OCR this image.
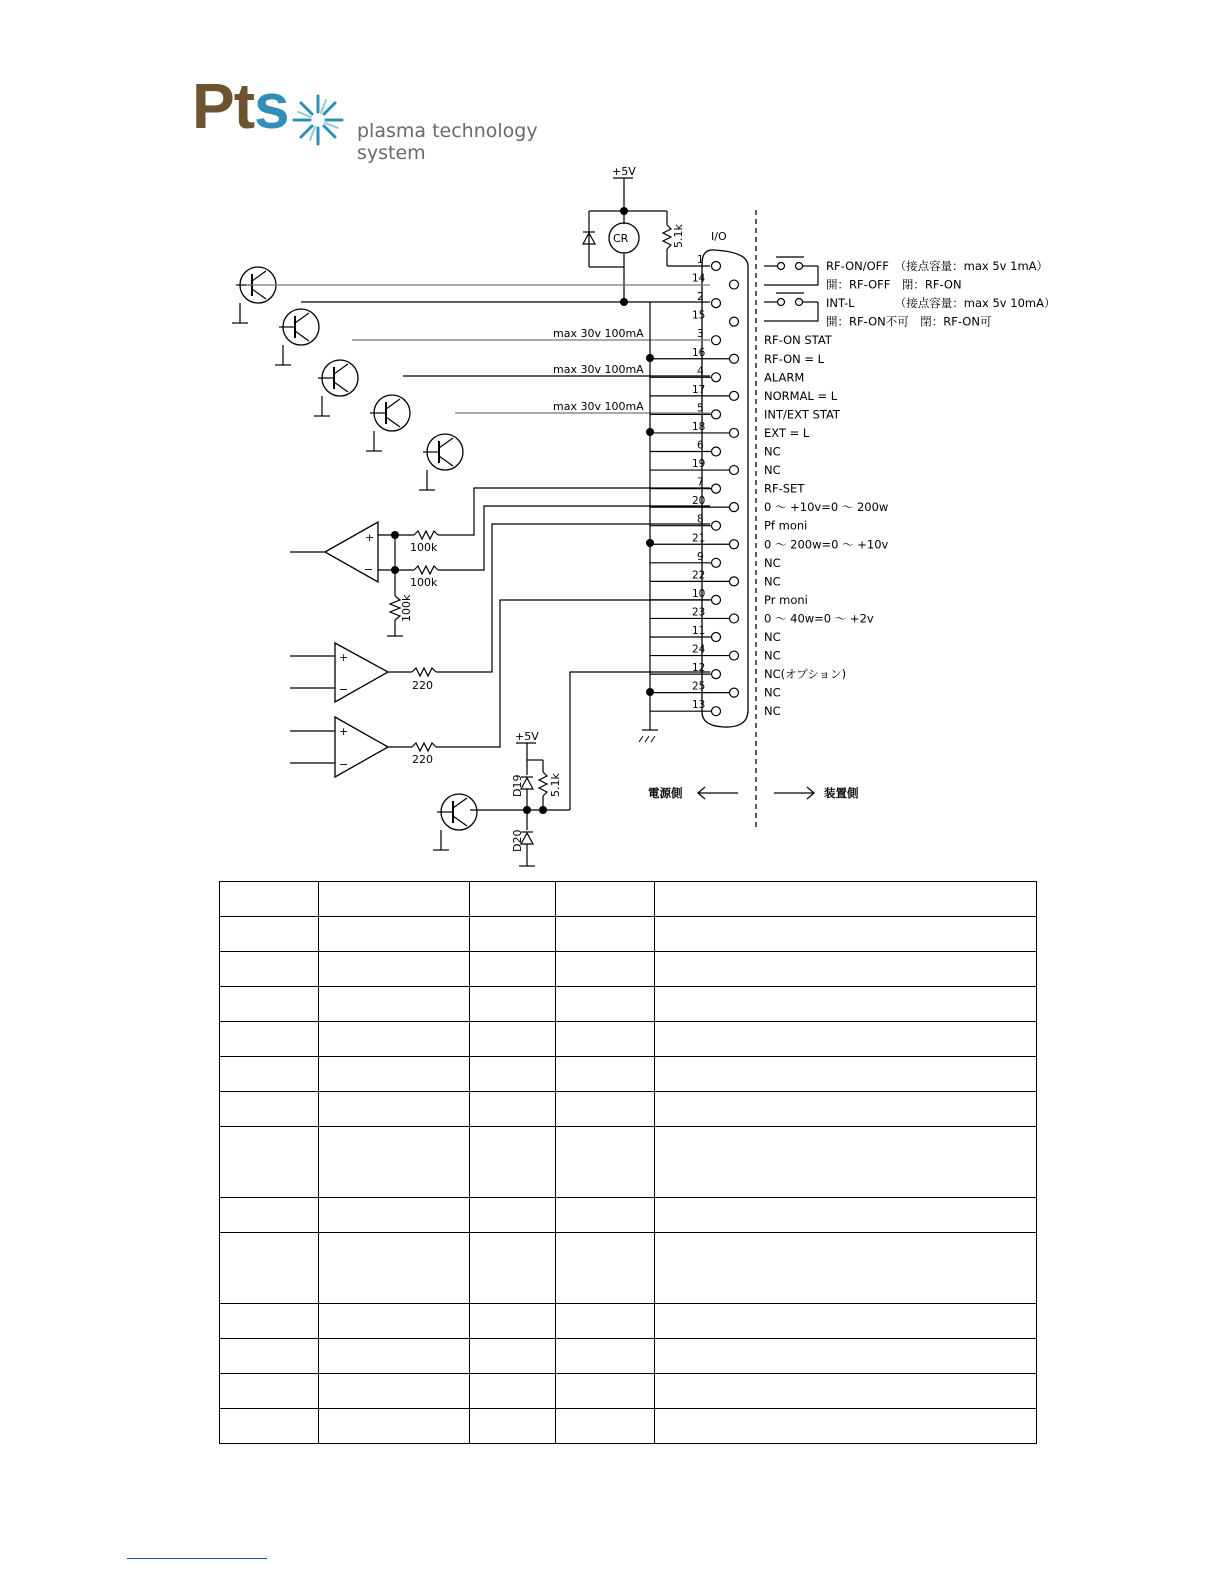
Pts	plasma technology system
+5V
CR	5.1k I/O
1	RF-ON/OFF　（接点容量：max 5v 1mA）
14	開：RF-OFF　閉：RF-ON
2	INT-L　　　　（接点容量：max 5v 10mA）
15	開：RF-ON不可　閉：RF-ON可
3	RF-ON STAT
16	RF-ON = L
4	ALARM
17	NORMAL = L
5	INT/EXT STAT
18	EXT = L
6	NC
19	NC
7	RF-SET
20	0 ～ +10v=0 ～ 200w
8	Pf moni
21	0 ～ 200w=0 ～ +10v
9	NC
22	NC
10	Pr moni
23	0 ～ 40w=0 ～ +2v
11	NC
24	NC
12	NC(オプション)
25	NC
13	NC
max 30v 100mA
max 30v 100mA
max 30v 100mA
+
−
100k
100k
100k
+
−	220
+
−	220
+5V
D19 5.1k
D20
電源側	装置側
